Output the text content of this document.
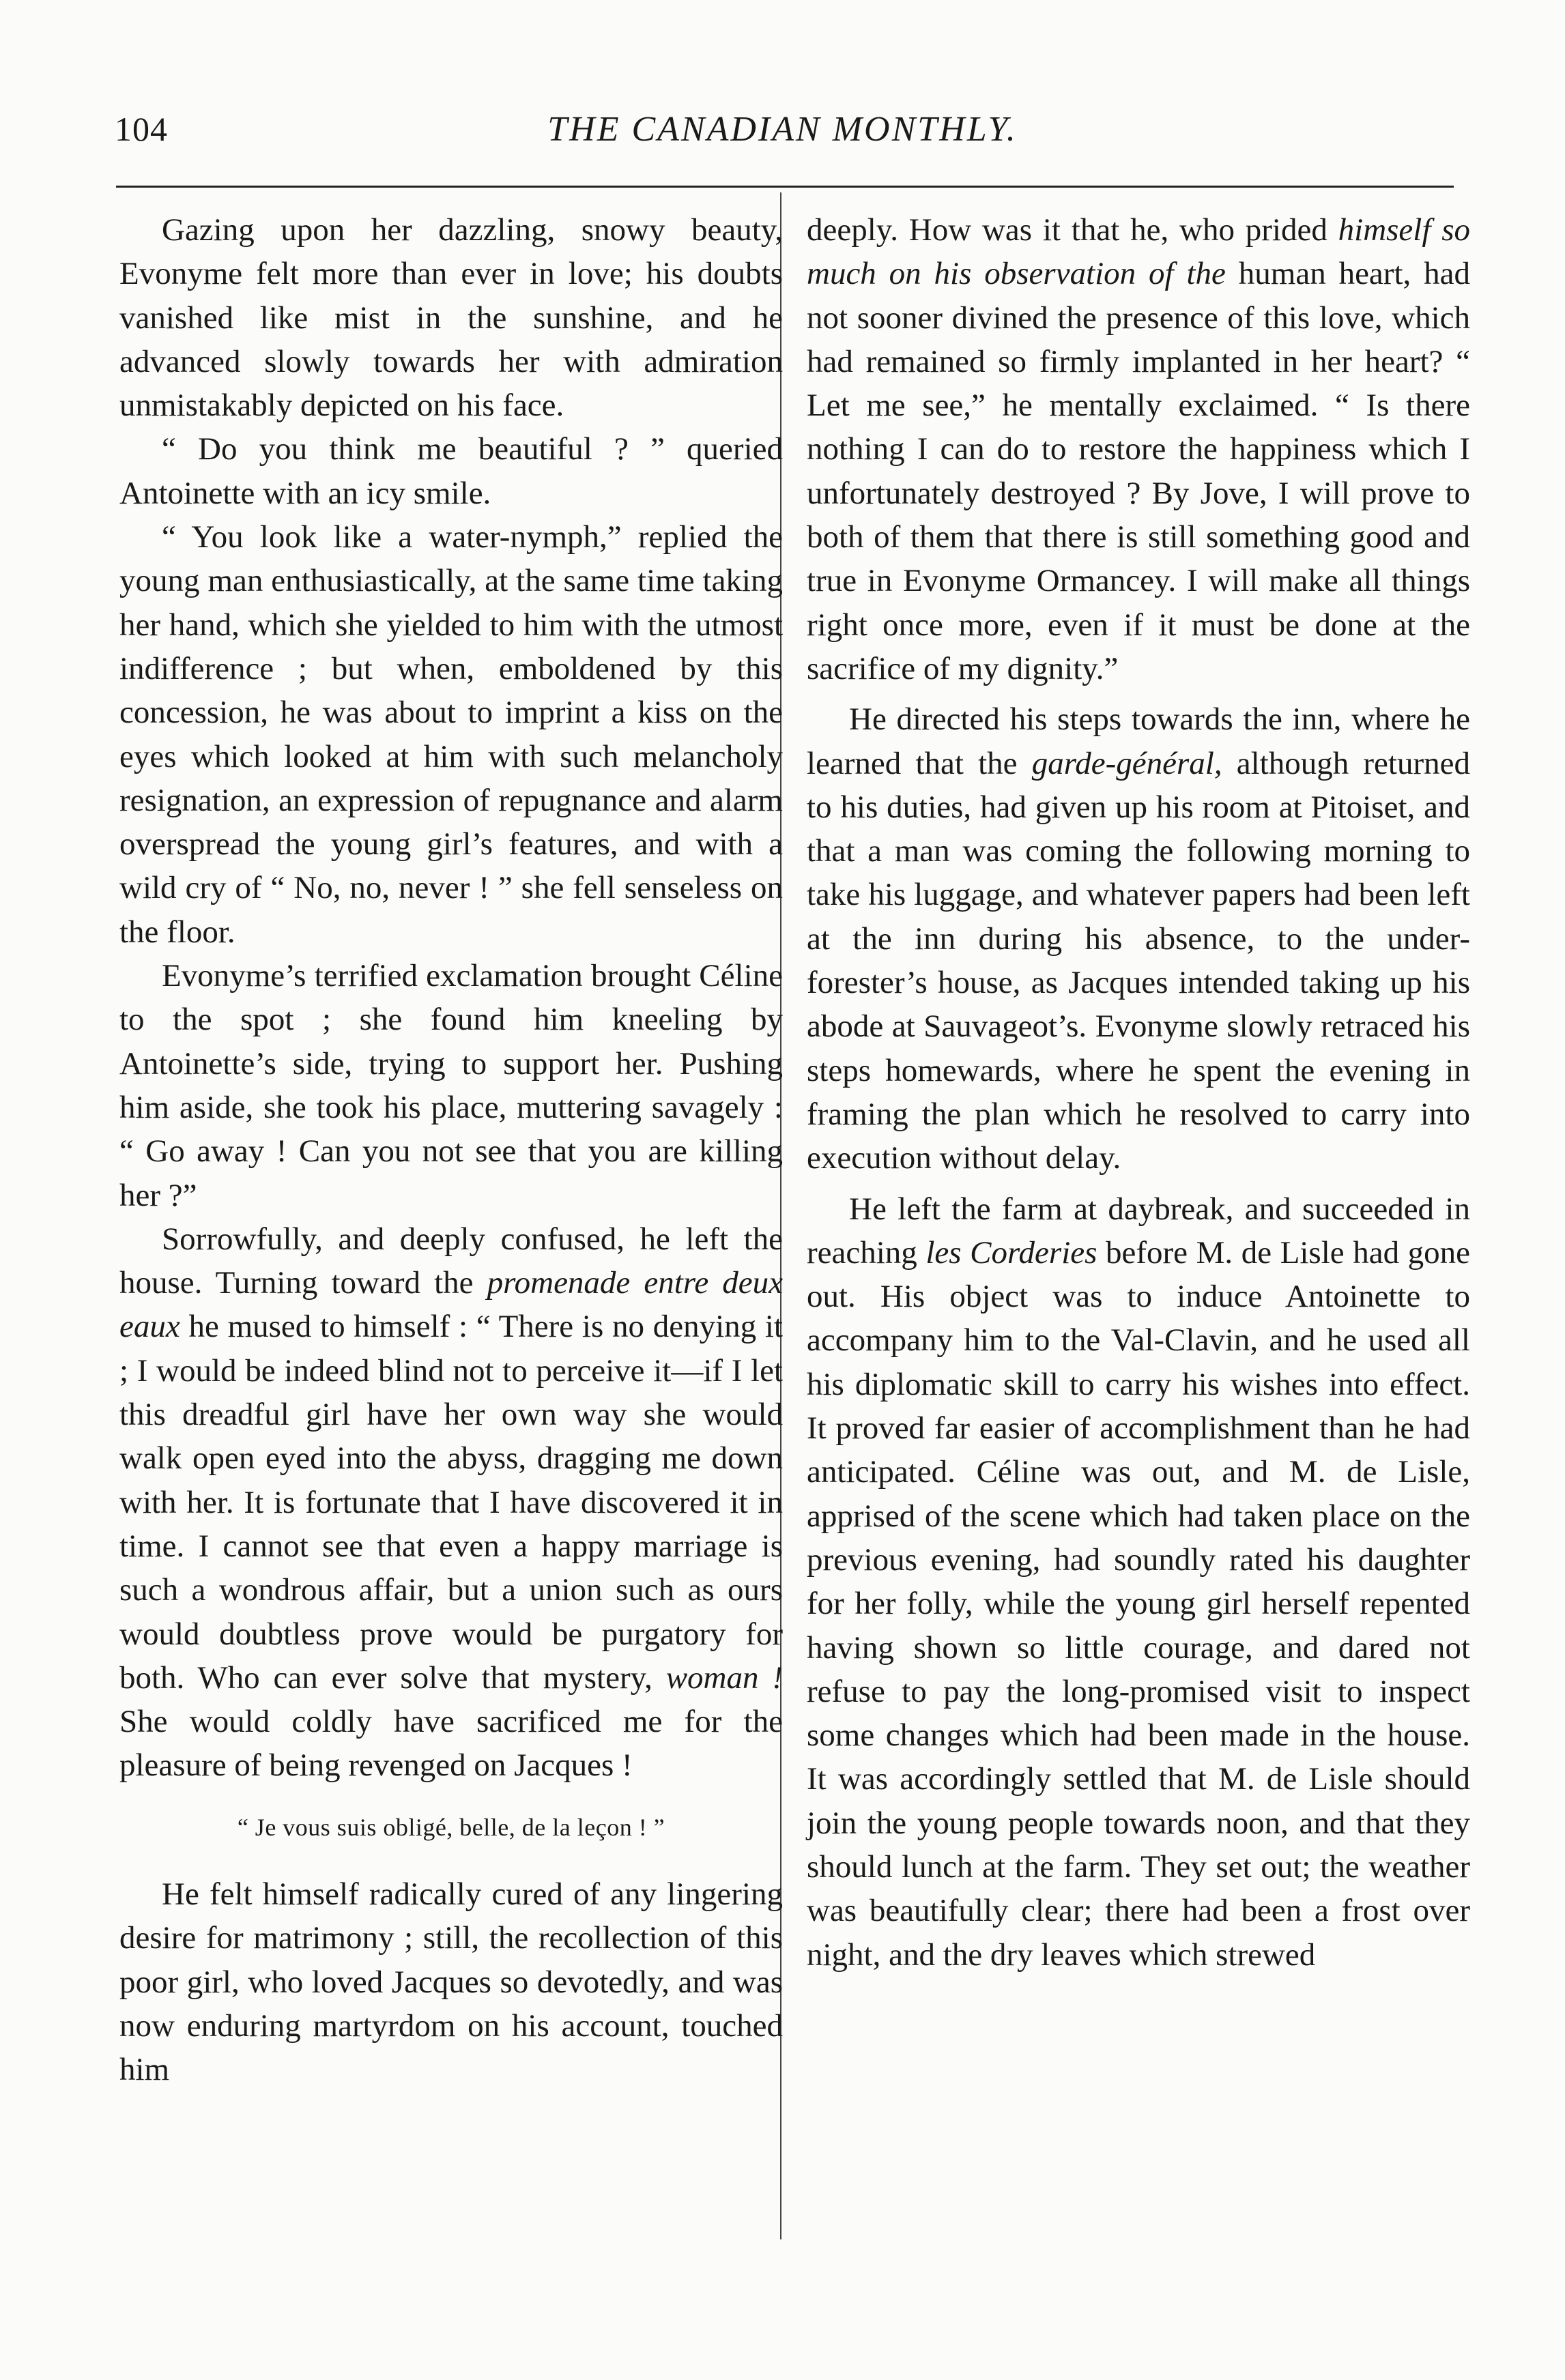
104	THE CANADIAN MONTHLY.

Gazing upon her dazzling, snowy beauty, Evonyme felt more than ever in love; his doubts vanished like mist in the sunshine, and he advanced slowly towards her with admiration unmistakably depicted on his face.

“ Do you think me beautiful ? ” queried Antoinette with an icy smile.

“ You look like a water-nymph,” replied the young man enthusiastically, at the same time taking her hand, which she yielded to him with the utmost indifference ; but when, emboldened by this concession, he was about to imprint a kiss on the eyes which looked at him with such melancholy resignation, an expression of repugnance and alarm overspread the young girl’s features, and with a wild cry of “ No, no, never ! ” she fell senseless on the floor.

Evonyme’s terrified exclamation brought Céline to the spot ; she found him kneeling by Antoinette’s side, trying to support her. Pushing him aside, she took his place, muttering savagely : “ Go away ! Can you not see that you are killing her ?”

Sorrowfully, and deeply confused, he left the house. Turning toward the promenade entre deux eaux he mused to himself : “ There is no denying it ; I would be indeed blind not to perceive it—if I let this dreadful girl have her own way she would walk open eyed into the abyss, dragging me down with her. It is fortunate that I have discovered it in time. I cannot see that even a happy marriage is such a wondrous affair, but a union such as ours would doubtless prove would be purgatory for both. Who can ever solve that mystery, woman ! She would coldly have sacrificed me for the pleasure of being revenged on Jacques !

“ Je vous suis obligé, belle, de la leçon ! ”

He felt himself radically cured of any lingering desire for matrimony ; still, the recollection of this poor girl, who loved Jacques so devotedly, and was now enduring martyrdom on his account, touched him

deeply. How was it that he, who prided himself so much on his observation of the human heart, had not sooner divined the presence of this love, which had remained so firmly implanted in her heart? “ Let me see,” he mentally exclaimed. “ Is there nothing I can do to restore the happiness which I unfortunately destroyed ? By Jove, I will prove to both of them that there is still something good and true in Evonyme Ormancey. I will make all things right once more, even if it must be done at the sacrifice of my dignity.”

He directed his steps towards the inn, where he learned that the garde-général, although returned to his duties, had given up his room at Pitoiset, and that a man was coming the following morning to take his luggage, and whatever papers had been left at the inn during his absence, to the under-forester’s house, as Jacques intended taking up his abode at Sauvageot’s. Evonyme slowly retraced his steps homewards, where he spent the evening in framing the plan which he resolved to carry into execution without delay.

He left the farm at daybreak, and succeeded in reaching les Corderies before M. de Lisle had gone out. His object was to induce Antoinette to accompany him to the Val-Clavin, and he used all his diplomatic skill to carry his wishes into effect. It proved far easier of accomplishment than he had anticipated. Céline was out, and M. de Lisle, apprised of the scene which had taken place on the previous evening, had soundly rated his daughter for her folly, while the young girl herself repented having shown so little courage, and dared not refuse to pay the long-promised visit to inspect some changes which had been made in the house. It was accordingly settled that M. de Lisle should join the young people towards noon, and that they should lunch at the farm. They set out; the weather was beautifully clear; there had been a frost over night, and the dry leaves which strewed
